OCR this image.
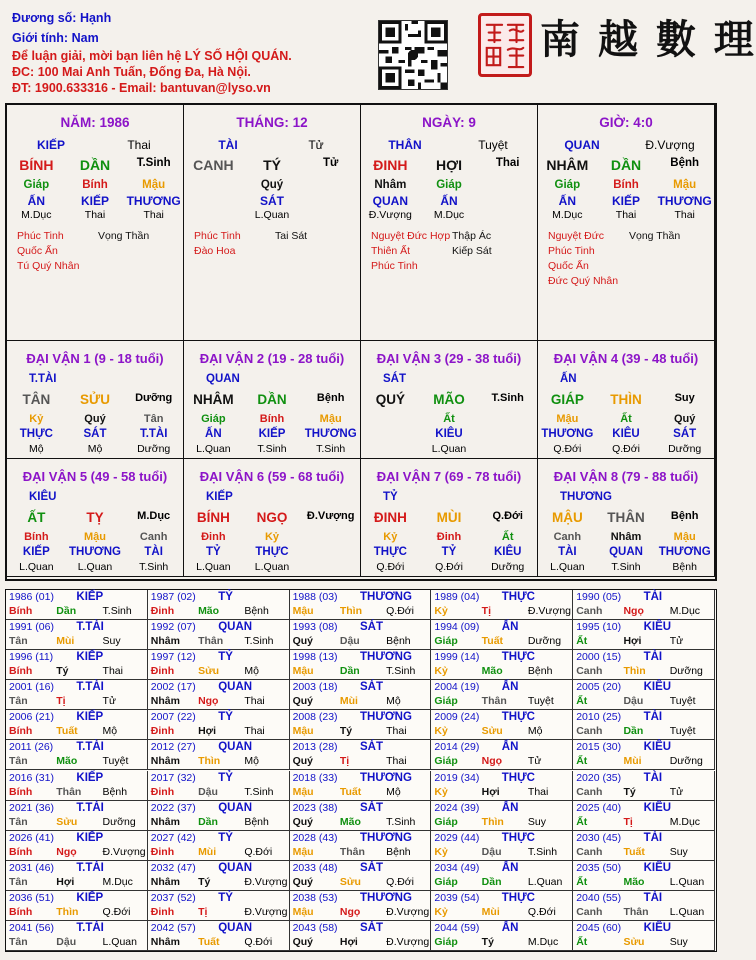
Đương số: Hạnh
Giới tính: Nam
Để luận giải, mời bạn liên hệ LÝ SỐ HỘI QUÁN.
ĐC: 100 Mai Anh Tuấn, Đống Đa, Hà Nội.
ĐT: 1900.633316 - Email: bantuvan@lyso.vn
南 越 數 理
NĂM: 1986
KIẾP	Thai
BÍNH	DẦN	T.Sinh
Giáp	Bính	Mậu
ẤN	KIẾP	THƯƠNG
M.Dục	Thai	Thai
Phúc Tinh	Vọng Thần
Quốc Ấn
Tú Quý Nhân
THÁNG: 12
TÀI	Tử
CANH	TÝ	Tử
Quý
SÁT
L.Quan
Phúc Tinh	Tai Sát
Đào Hoa
NGÀY: 9
THÂN	Tuyệt
ĐINH	HỢI	Thai
Nhâm	Giáp
QUAN	ẤN
Đ.Vượng	M.Dục
Nguyệt Đức Hợp Thập Ác
Thiên Ất	Kiếp Sát
Phúc Tinh
GIỜ: 4:0
QUAN	Đ.Vượng
NHÂM	DẦN	Bệnh
Giáp	Bính	Mậu
ẤN	KIẾP	THƯƠNG
M.Dục	Thai	Thai
Nguyệt Đức	Vọng Thần
Phúc Tinh
Quốc Ấn
Đức Quý Nhân
ĐẠI VẬN 1 (9 - 18 tuổi)
T.TÀI
TÂN	SỬU	Dưỡng
Kỷ	Quý	Tân
THỰC	SÁT	T.TÀI
Mộ	Mộ	Dưỡng
ĐẠI VẬN 2 (19 - 28 tuổi)
QUAN
NHÂM	DẦN	Bệnh
Giáp	Bính	Mậu
ẤN	KIẾP	THƯƠNG
L.Quan	T.Sinh	T.Sinh
ĐẠI VẬN 3 (29 - 38 tuổi)
SÁT
QUÝ	MÃO	T.Sinh
Ất
KIÊU
L.Quan
ĐẠI VẬN 4 (39 - 48 tuổi)
ẤN
GIÁP	THÌN	Suy
Mậu	Ất	Quý
THƯƠNG	KIÊU	SÁT
Q.Đới	Q.Đới	Dưỡng
ĐẠI VẬN 5 (49 - 58 tuổi)
KIÊU
ẤT	TỴ	M.Dục
Bính	Mậu	Canh
KIẾP	THƯƠNG	TÀI
L.Quan	L.Quan	T.Sinh
ĐẠI VẬN 6 (59 - 68 tuổi)
KIẾP
BÍNH	NGỌ	Đ.Vượng
Đinh	Kỷ
TỶ	THỰC
L.Quan	L.Quan
ĐẠI VẬN 7 (69 - 78 tuổi)
TỶ
ĐINH	MÙI	Q.Đới
Kỷ	Đinh	Ất
THỰC	TỶ	KIÊU
Q.Đới	Q.Đới	Dưỡng
ĐẠI VẬN 8 (79 - 88 tuổi)
THƯƠNG
MẬU	THÂN	Bệnh
Canh	Nhâm	Mậu
TÀI	QUAN	THƯƠNG
L.Quan	T.Sinh	Bệnh
1986 (01)	KIẾP
Bính	Dần	T.Sinh
1987 (02)	TỶ
Đinh	Mão	Bệnh
1988 (03)	THƯƠNG
Mậu	Thìn	Q.Đới
1989 (04)	THỰC
Kỷ	Tị	Đ.Vượng
1990 (05)	TÀI
Canh	Ngọ	M.Dục
1991 (06)	T.TÀI
Tân	Mùi	Suy
1992 (07)	QUAN
Nhâm	Thân	T.Sinh
1993 (08)	SÁT
Quý	Dậu	Bệnh
1994 (09)	ẤN
Giáp	Tuất	Dưỡng
1995 (10)	KIÊU
Ất	Hợi	Tử
1996 (11)	KIẾP
Bính	Tý	Thai
1997 (12)	TỶ
Đinh	Sửu	Mộ
1998 (13)	THƯƠNG
Mậu	Dần	T.Sinh
1999 (14)	THỰC
Kỷ	Mão	Bệnh
2000 (15)	TÀI
Canh	Thìn	Dưỡng
2001 (16)	T.TÀI
Tân	Tị	Tử
2002 (17)	QUAN
Nhâm	Ngọ	Thai
2003 (18)	SÁT
Quý	Mùi	Mộ
2004 (19)	ẤN
Giáp	Thân	Tuyệt
2005 (20)	KIÊU
Ất	Dậu	Tuyệt
2006 (21)	KIẾP
Bính	Tuất	Mộ
2007 (22)	TỶ
Đinh	Hợi	Thai
2008 (23)	THƯƠNG
Mậu	Tý	Thai
2009 (24)	THỰC
Kỷ	Sửu	Mộ
2010 (25)	TÀI
Canh	Dần	Tuyệt
2011 (26)	T.TÀI
Tân	Mão	Tuyệt
2012 (27)	QUAN
Nhâm	Thìn	Mộ
2013 (28)	SÁT
Quý	Tị	Thai
2014 (29)	ẤN
Giáp	Ngọ	Tử
2015 (30)	KIÊU
Ất	Mùi	Dưỡng
2016 (31)	KIẾP
Bính	Thân	Bệnh
2017 (32)	TỶ
Đinh	Dậu	T.Sinh
2018 (33)	THƯƠNG
Mậu	Tuất	Mộ
2019 (34)	THỰC
Kỷ	Hợi	Thai
2020 (35)	TÀI
Canh	Tý	Tử
2021 (36)	T.TÀI
Tân	Sửu	Dưỡng
2022 (37)	QUAN
Nhâm	Dần	Bệnh
2023 (38)	SÁT
Quý	Mão	T.Sinh
2024 (39)	ẤN
Giáp	Thìn	Suy
2025 (40)	KIÊU
Ất	Tị	M.Dục
2026 (41)	KIẾP
Bính	Ngọ	Đ.Vượng
2027 (42)	TỶ
Đinh	Mùi	Q.Đới
2028 (43)	THƯƠNG
Mậu	Thân	Bệnh
2029 (44)	THỰC
Kỷ	Dậu	T.Sinh
2030 (45)	TÀI
Canh	Tuất	Suy
2031 (46)	T.TÀI
Tân	Hợi	M.Dục
2032 (47)	QUAN
Nhâm	Tý	Đ.Vượng
2033 (48)	SÁT
Quý	Sửu	Q.Đới
2034 (49)	ẤN
Giáp	Dần	L.Quan
2035 (50)	KIÊU
Ất	Mão	L.Quan
2036 (51)	KIẾP
Bính	Thìn	Q.Đới
2037 (52)	TỶ
Đinh	Tị	Đ.Vượng
2038 (53)	THƯƠNG
Mậu	Ngọ	Đ.Vượng
2039 (54)	THỰC
Kỷ	Mùi	Q.Đới
2040 (55)	TÀI
Canh	Thân	L.Quan
2041 (56)	T.TÀI
Tân	Dậu	L.Quan
2042 (57)	QUAN
Nhâm	Tuất	Q.Đới
2043 (58)	SÁT
Quý	Hợi	Đ.Vượng
2044 (59)	ẤN
Giáp	Tý	M.Dục
2045 (60)	KIÊU
Ất	Sửu	Suy
